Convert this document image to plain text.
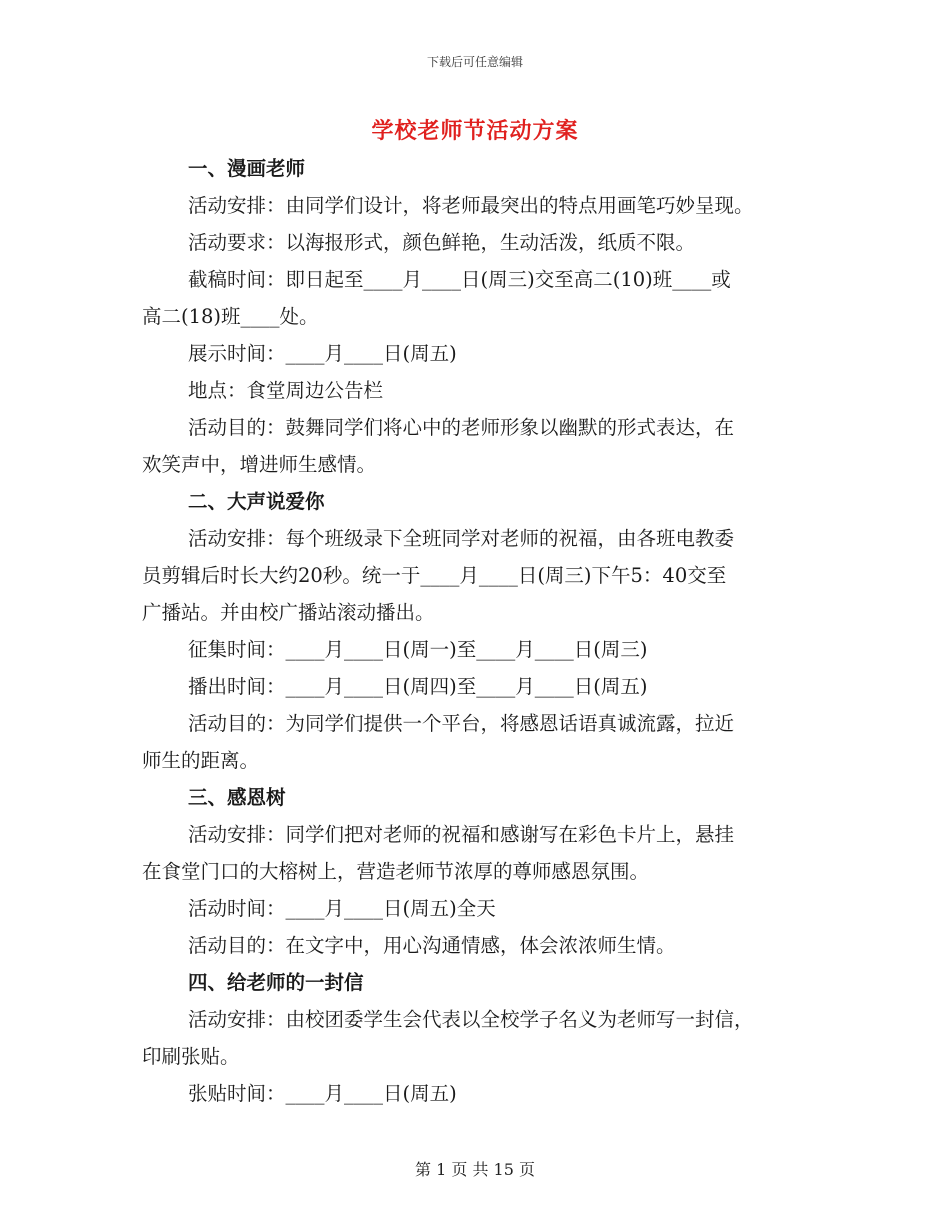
下载后可任意编辑
学校老师节活动方案
一、漫画老师
活动安排：由同学们设计，将老师最突出的特点用画笔巧妙呈现。
活动要求：以海报形式，颜色鲜艳，生动活泼，纸质不限。
截稿时间：即日起至____月____日(周三)交至高二(10)班____或
高二(18)班____处。
展示时间：____月____日(周五)
地点：食堂周边公告栏
活动目的：鼓舞同学们将心中的老师形象以幽默的形式表达，在
欢笑声中，增进师生感情。
二、大声说爱你
活动安排：每个班级录下全班同学对老师的祝福，由各班电教委
员剪辑后时长大约20秒。统一于____月____日(周三)下午5：40交至
广播站。并由校广播站滚动播出。
征集时间：____月____日(周一)至____月____日(周三)
播出时间：____月____日(周四)至____月____日(周五)
活动目的：为同学们提供一个平台，将感恩话语真诚流露，拉近
师生的距离。
三、感恩树
活动安排：同学们把对老师的祝福和感谢写在彩色卡片上，悬挂
在食堂门口的大榕树上，营造老师节浓厚的尊师感恩氛围。
活动时间：____月____日(周五)全天
活动目的：在文字中，用心沟通情感，体会浓浓师生情。
四、给老师的一封信
活动安排：由校团委学生会代表以全校学子名义为老师写一封信，
印刷张贴。
张贴时间：____月____日(周五)
第 1 页 共 15 页
